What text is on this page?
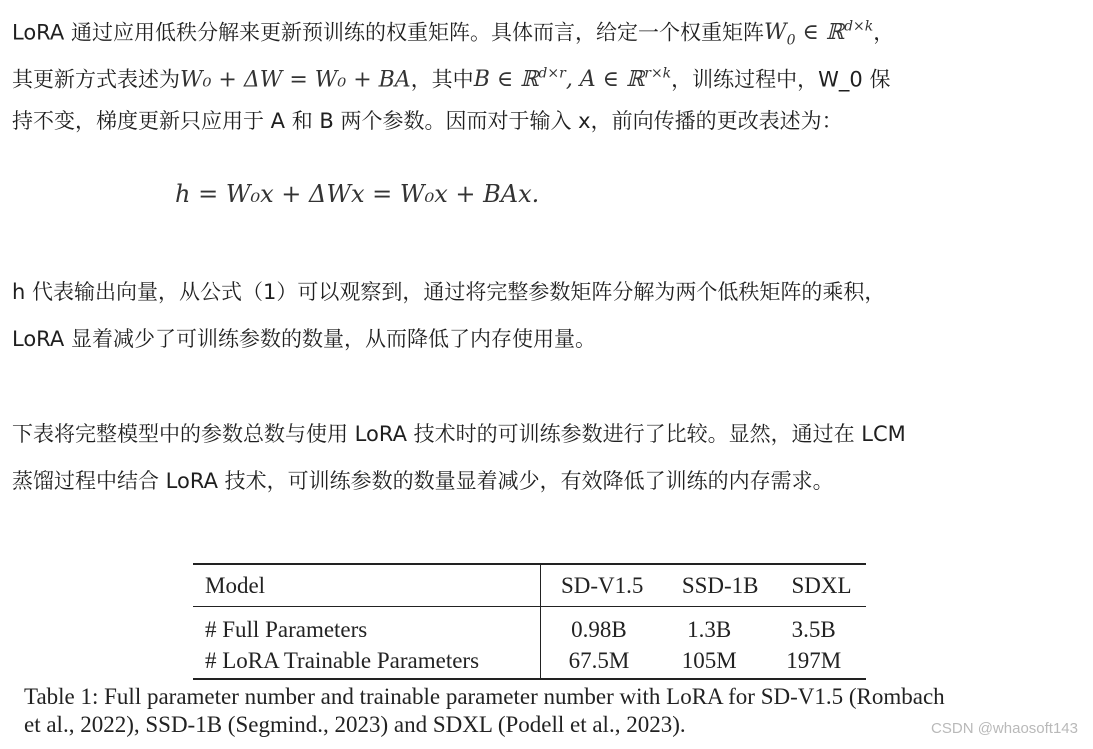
LoRA 通过应用低秩分解来更新预训练的权重矩阵。具体而言，给定一个权重矩阵$W_0$ ∈ ℝ$^{d\times k}$，
其更新方式表述为W₀ + ΔW = W₀ + BA，其中B ∈ ℝ$^{d\times r}$, A ∈ ℝ$^{r\times k}$，训练过程中，W_0 保
持不变，梯度更新只应用于 A 和 B 两个参数。因而对于输入 x，前向传播的更改表述为：
h = W₀x + ΔWx = W₀x + BAx.
h 代表输出向量，从公式（1）可以观察到，通过将完整参数矩阵分解为两个低秩矩阵的乘积，
LoRA 显着减少了可训练参数的数量，从而降低了内存使用量。
下表将完整模型中的参数总数与使用 LoRA 技术时的可训练参数进行了比较。显然，通过在 LCM
蒸馏过程中结合 LoRA 技术，可训练参数的数量显着减少，有效降低了训练的内存需求。
Model	SD-V1.5	SSD-1B	SDXL
# Full Parameters	0.98B	1.3B	3.5B
# LoRA Trainable Parameters	67.5M	105M	197M
Table 1: Full parameter number and trainable parameter number with LoRA for SD-V1.5 (Rombach
et al., 2022), SSD-1B (Segmind., 2023) and SDXL (Podell et al., 2023).	CSDN @whaosoft143
